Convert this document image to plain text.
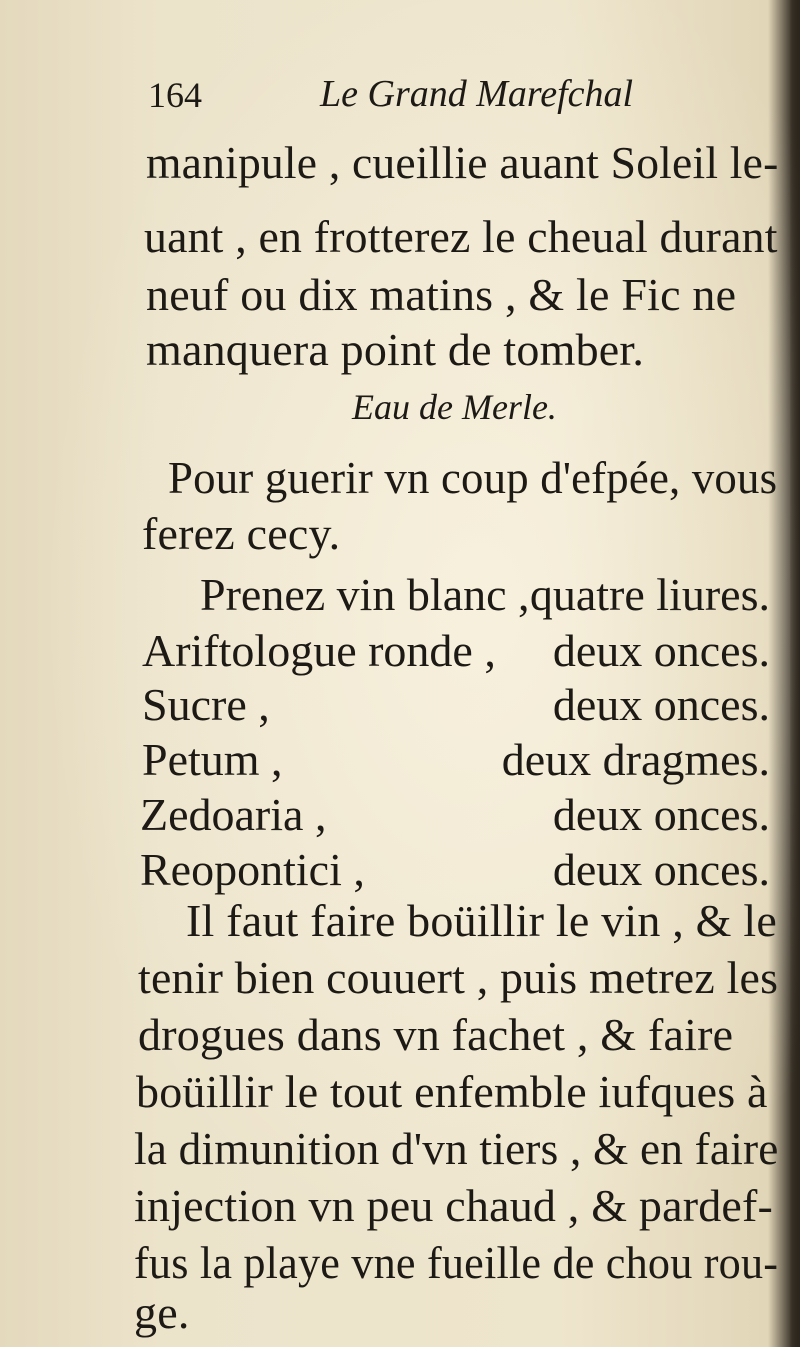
164	Le Grand Marefchal
manipule , cueillie auant Soleil le-
uant , en frotterez le cheual durant
neuf ou dix matins , & le Fic ne
manquera point de tomber.
Eau de Merle.
Pour guerir vn coup d'efpée, vous
ferez cecy.
Prenez vin blanc , quatre liures.
Ariftologue ronde , deux onces.
Sucre ,	deux onces.
Petum ,	deux dragmes.
Zedoaria ,	deux onces.
Reopontici ,	deux onces.
Il faut faire boüillir le vin , & le
tenir bien couuert , puis metrez les
drogues dans vn fachet , & faire
boüillir le tout enfemble iufques à
la dimunition d'vn tiers , & en faire
injection vn peu chaud , & pardef-
fus la playe vne fueille de chou rou-
ge.
